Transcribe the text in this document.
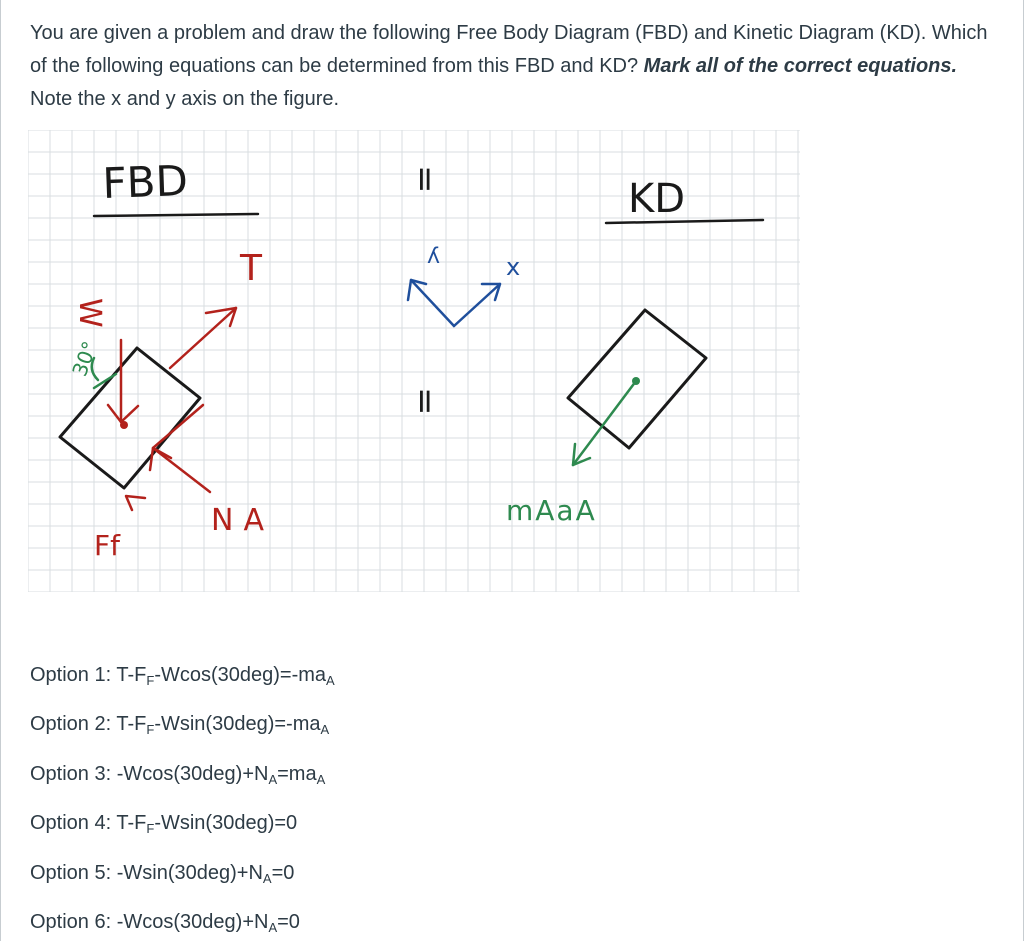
You are given a problem and draw the following Free Body Diagram (FBD) and Kinetic Diagram (KD). Which of the following equations can be determined from this FBD and KD? Mark all of the correct equations. Note the x and y axis on the figure.
FBD
T
W
NA
Ff
30°
=
=
y	x
KD
mAaA
Option 1: $T-F_F-Wcos(30deg)=-ma_A$
Option 2: $T-F_F-Wsin(30deg)=-ma_A$
Option 3: $-Wcos(30deg)+N_A=ma_A$
Option 4: $T-F_F-Wsin(30deg)=0$
Option 5: $-Wsin(30deg)+N_A=0$
Option 6: $-Wcos(30deg)+N_A=0$
